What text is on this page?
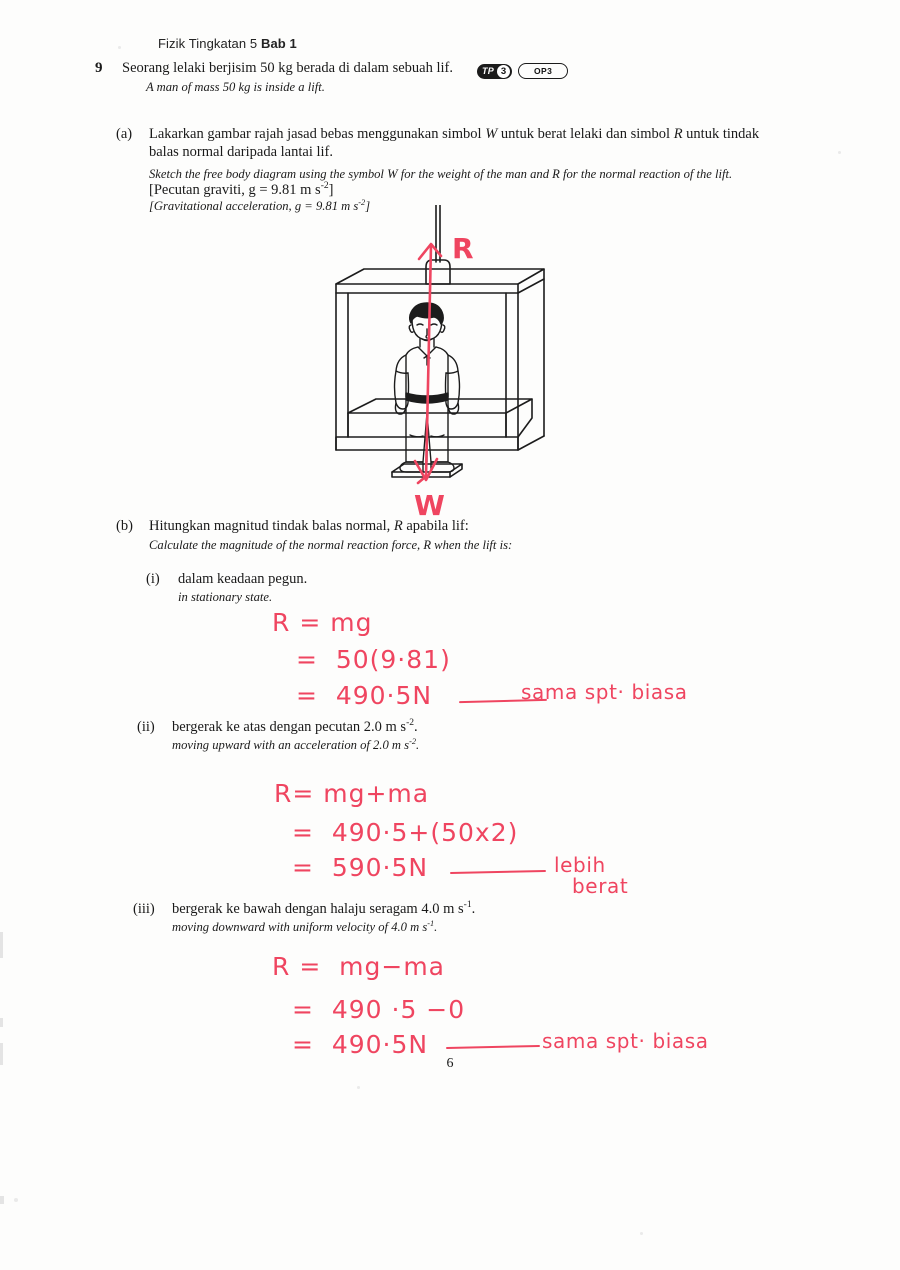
Fizik Tingkatan 5 Bab 1
9 Seorang lelaki berjisim 50 kg berada di dalam sebuah lif.
A man of mass 50 kg is inside a lift.
TP 3	OP3
(a) Lakarkan gambar rajah jasad bebas menggunakan simbol W untuk berat lelaki dan simbol R untuk tindak
balas normal daripada lantai lif.
Sketch the free body diagram using the symbol W for the weight of the man and R for the normal reaction of the lift.
[Pecutan graviti, g = 9.81 m $s^{-2}$]
[Gravitational acceleration, g = 9.81 m $s^{-2}$]
R
W
(b) Hitungkan magnitud tindak balas normal, R apabila lif:
Calculate the magnitude of the normal reaction force, R when the lift is:
(i) dalam keadaan pegun.
in stationary state.
R = mg
=  50(9·81)
=  490·5N	sama spt· biasa
(ii) bergerak ke atas dengan pecutan 2.0 m $s^{-2}$.
moving upward with an acceleration of 2.0 m $s^{-2}$.
R= mg+ma
=  490·5+(50x2)
=  590·5N	lebih
berat
(iii) bergerak ke bawah dengan halaju seragam 4.0 m $s^{-1}$.
moving downward with uniform velocity of 4.0 m $s^{-1}$.
R =  mg−ma
=  490 ·5 −0
=  490·5N	sama spt· biasa
6
